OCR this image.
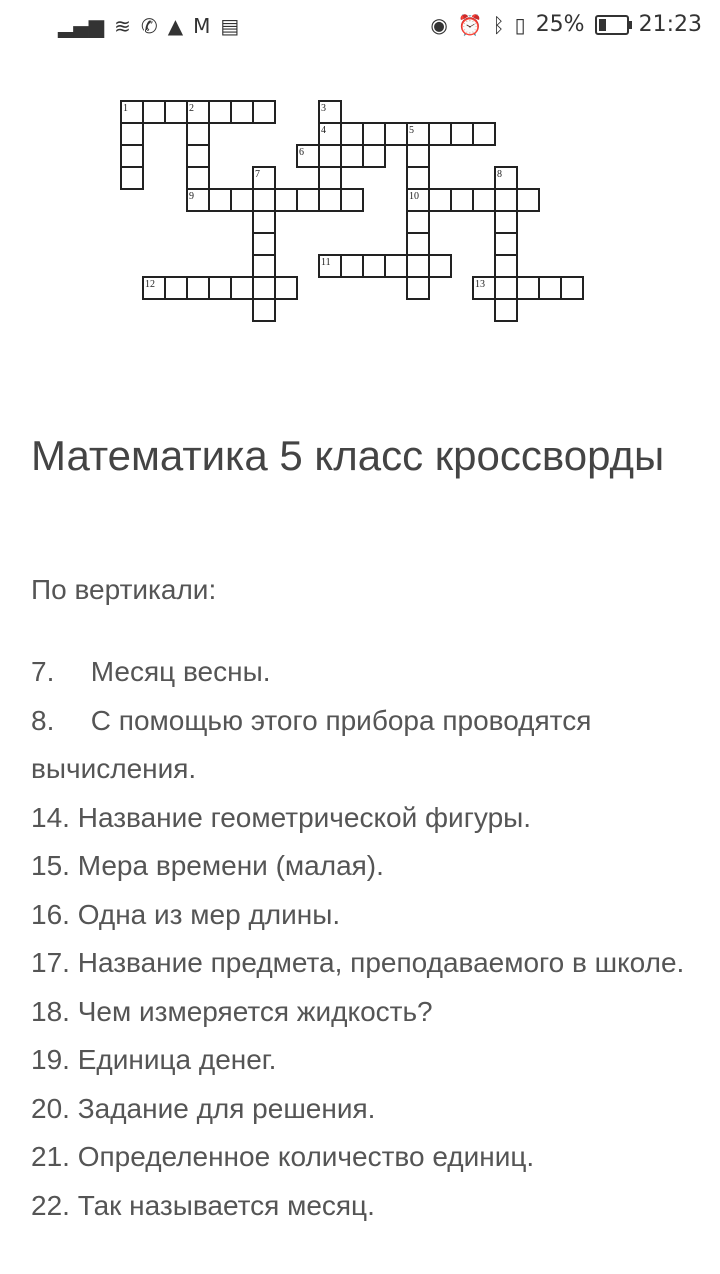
▂▄▆ ≋ ✆ ▲ M ▤	◉ ⏰ ᛒ ▯ 25% 21:23
1	2	3
4	5
6
7	8
9	10
11
12	13
Математика 5 класс кроссворды

По вертикали:

7. Месяц весны.
8. С помощью этого прибора проводятся вычисления.
14. Название геометрической фигуры.
15. Мера времени (малая).
16. Одна из мер длины.
17. Название предмета, преподаваемого в школе.
18. Чем измеряется жидкость?
19. Единица денег.
20. Задание для решения.
21. Определенное количество единиц.
22. Так называется месяц.
